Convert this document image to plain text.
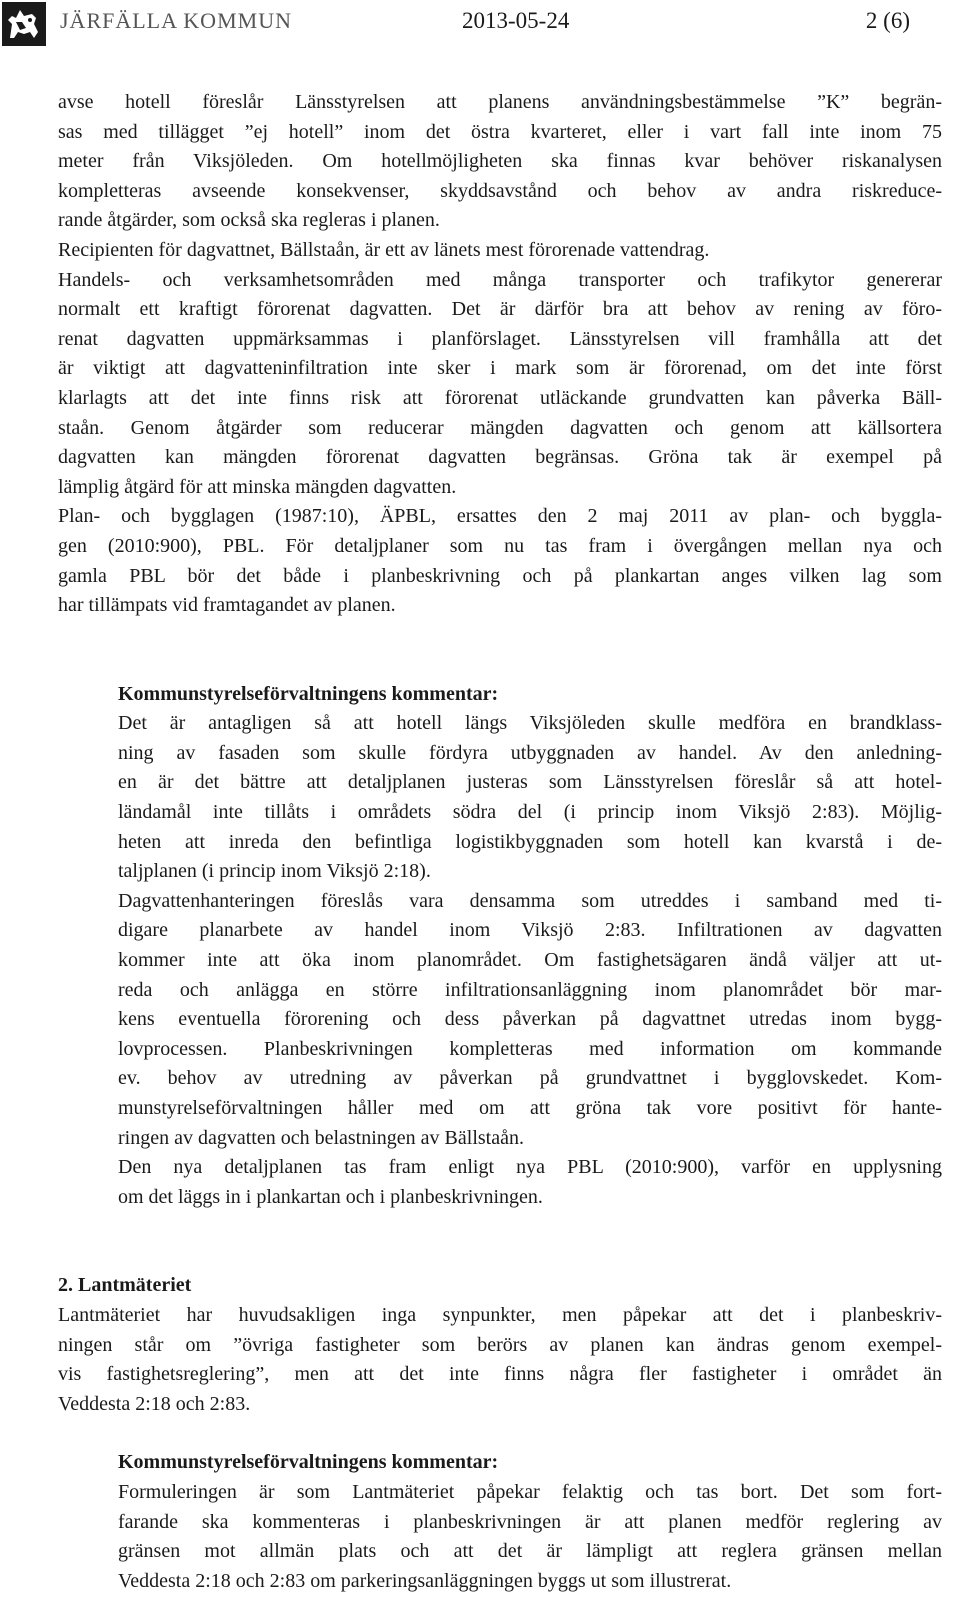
JÄRFÄLLA KOMMUN	2013-05-24	2 (6)
avse hotell föreslår Länsstyrelsen att planens användningsbestämmelse ”K” begrän-
sas med tillägget ”ej hotell” inom det östra kvarteret, eller i vart fall inte inom 75
meter från Viksjöleden. Om hotellmöjligheten ska finnas kvar behöver riskanalysen
kompletteras avseende konsekvenser, skyddsavstånd och behov av andra riskreduce-
rande åtgärder, som också ska regleras i planen.
Recipienten för dagvattnet, Bällstaån, är ett av länets mest förorenade vattendrag.
Handels- och verksamhetsområden med många transporter och trafikytor genererar
normalt ett kraftigt förorenat dagvatten. Det är därför bra att behov av rening av föro-
renat dagvatten uppmärksammas i planförslaget. Länsstyrelsen vill framhålla att det
är viktigt att dagvatteninfiltration inte sker i mark som är förorenad, om det inte först
klarlagts att det inte finns risk att förorenat utläckande grundvatten kan påverka Bäll-
staån. Genom åtgärder som reducerar mängden dagvatten och genom att källsortera
dagvatten kan mängden förorenat dagvatten begränsas. Gröna tak är exempel på
lämplig åtgärd för att minska mängden dagvatten.
Plan- och bygglagen (1987:10), ÄPBL, ersattes den 2 maj 2011 av plan- och byggla-
gen (2010:900), PBL. För detaljplaner som nu tas fram i övergången mellan nya och
gamla PBL bör det både i planbeskrivning och på plankartan anges vilken lag som
har tillämpats vid framtagandet av planen.
Kommunstyrelseförvaltningens kommentar:
Det är antagligen så att hotell längs Viksjöleden skulle medföra en brandklass-
ning av fasaden som skulle fördyra utbyggnaden av handel. Av den anledning-
en är det bättre att detaljplanen justeras som Länsstyrelsen föreslår så att hotel-
ländamål inte tillåts i områdets södra del (i princip inom Viksjö 2:83). Möjlig-
heten att inreda den befintliga logistikbyggnaden som hotell kan kvarstå i de-
taljplanen (i princip inom Viksjö 2:18).
Dagvattenhanteringen föreslås vara densamma som utreddes i samband med ti-
digare planarbete av handel inom Viksjö 2:83. Infiltrationen av dagvatten
kommer inte att öka inom planområdet. Om fastighetsägaren ändå väljer att ut-
reda och anlägga en större infiltrationsanläggning inom planområdet bör mar-
kens eventuella förorening och dess påverkan på dagvattnet utredas inom bygg-
lovprocessen. Planbeskrivningen kompletteras med information om kommande
ev. behov av utredning av påverkan på grundvattnet i bygglovskedet. Kom-
munstyrelseförvaltningen håller med om att gröna tak vore positivt för hante-
ringen av dagvatten och belastningen av Bällstaån.
Den nya detaljplanen tas fram enligt nya PBL (2010:900), varför en upplysning
om det läggs in i plankartan och i planbeskrivningen.
2. Lantmäteriet
Lantmäteriet har huvudsakligen inga synpunkter, men påpekar att det i planbeskriv-
ningen står om ”övriga fastigheter som berörs av planen kan ändras genom exempel-
vis fastighetsreglering”, men att det inte finns några fler fastigheter i området än
Veddesta 2:18 och 2:83.
Kommunstyrelseförvaltningens kommentar:
Formuleringen är som Lantmäteriet påpekar felaktig och tas bort. Det som fort-
farande ska kommenteras i planbeskrivningen är att planen medför reglering av
gränsen mot allmän plats och att det är lämpligt att reglera gränsen mellan
Veddesta 2:18 och 2:83 om parkeringsanläggningen byggs ut som illustrerat.
